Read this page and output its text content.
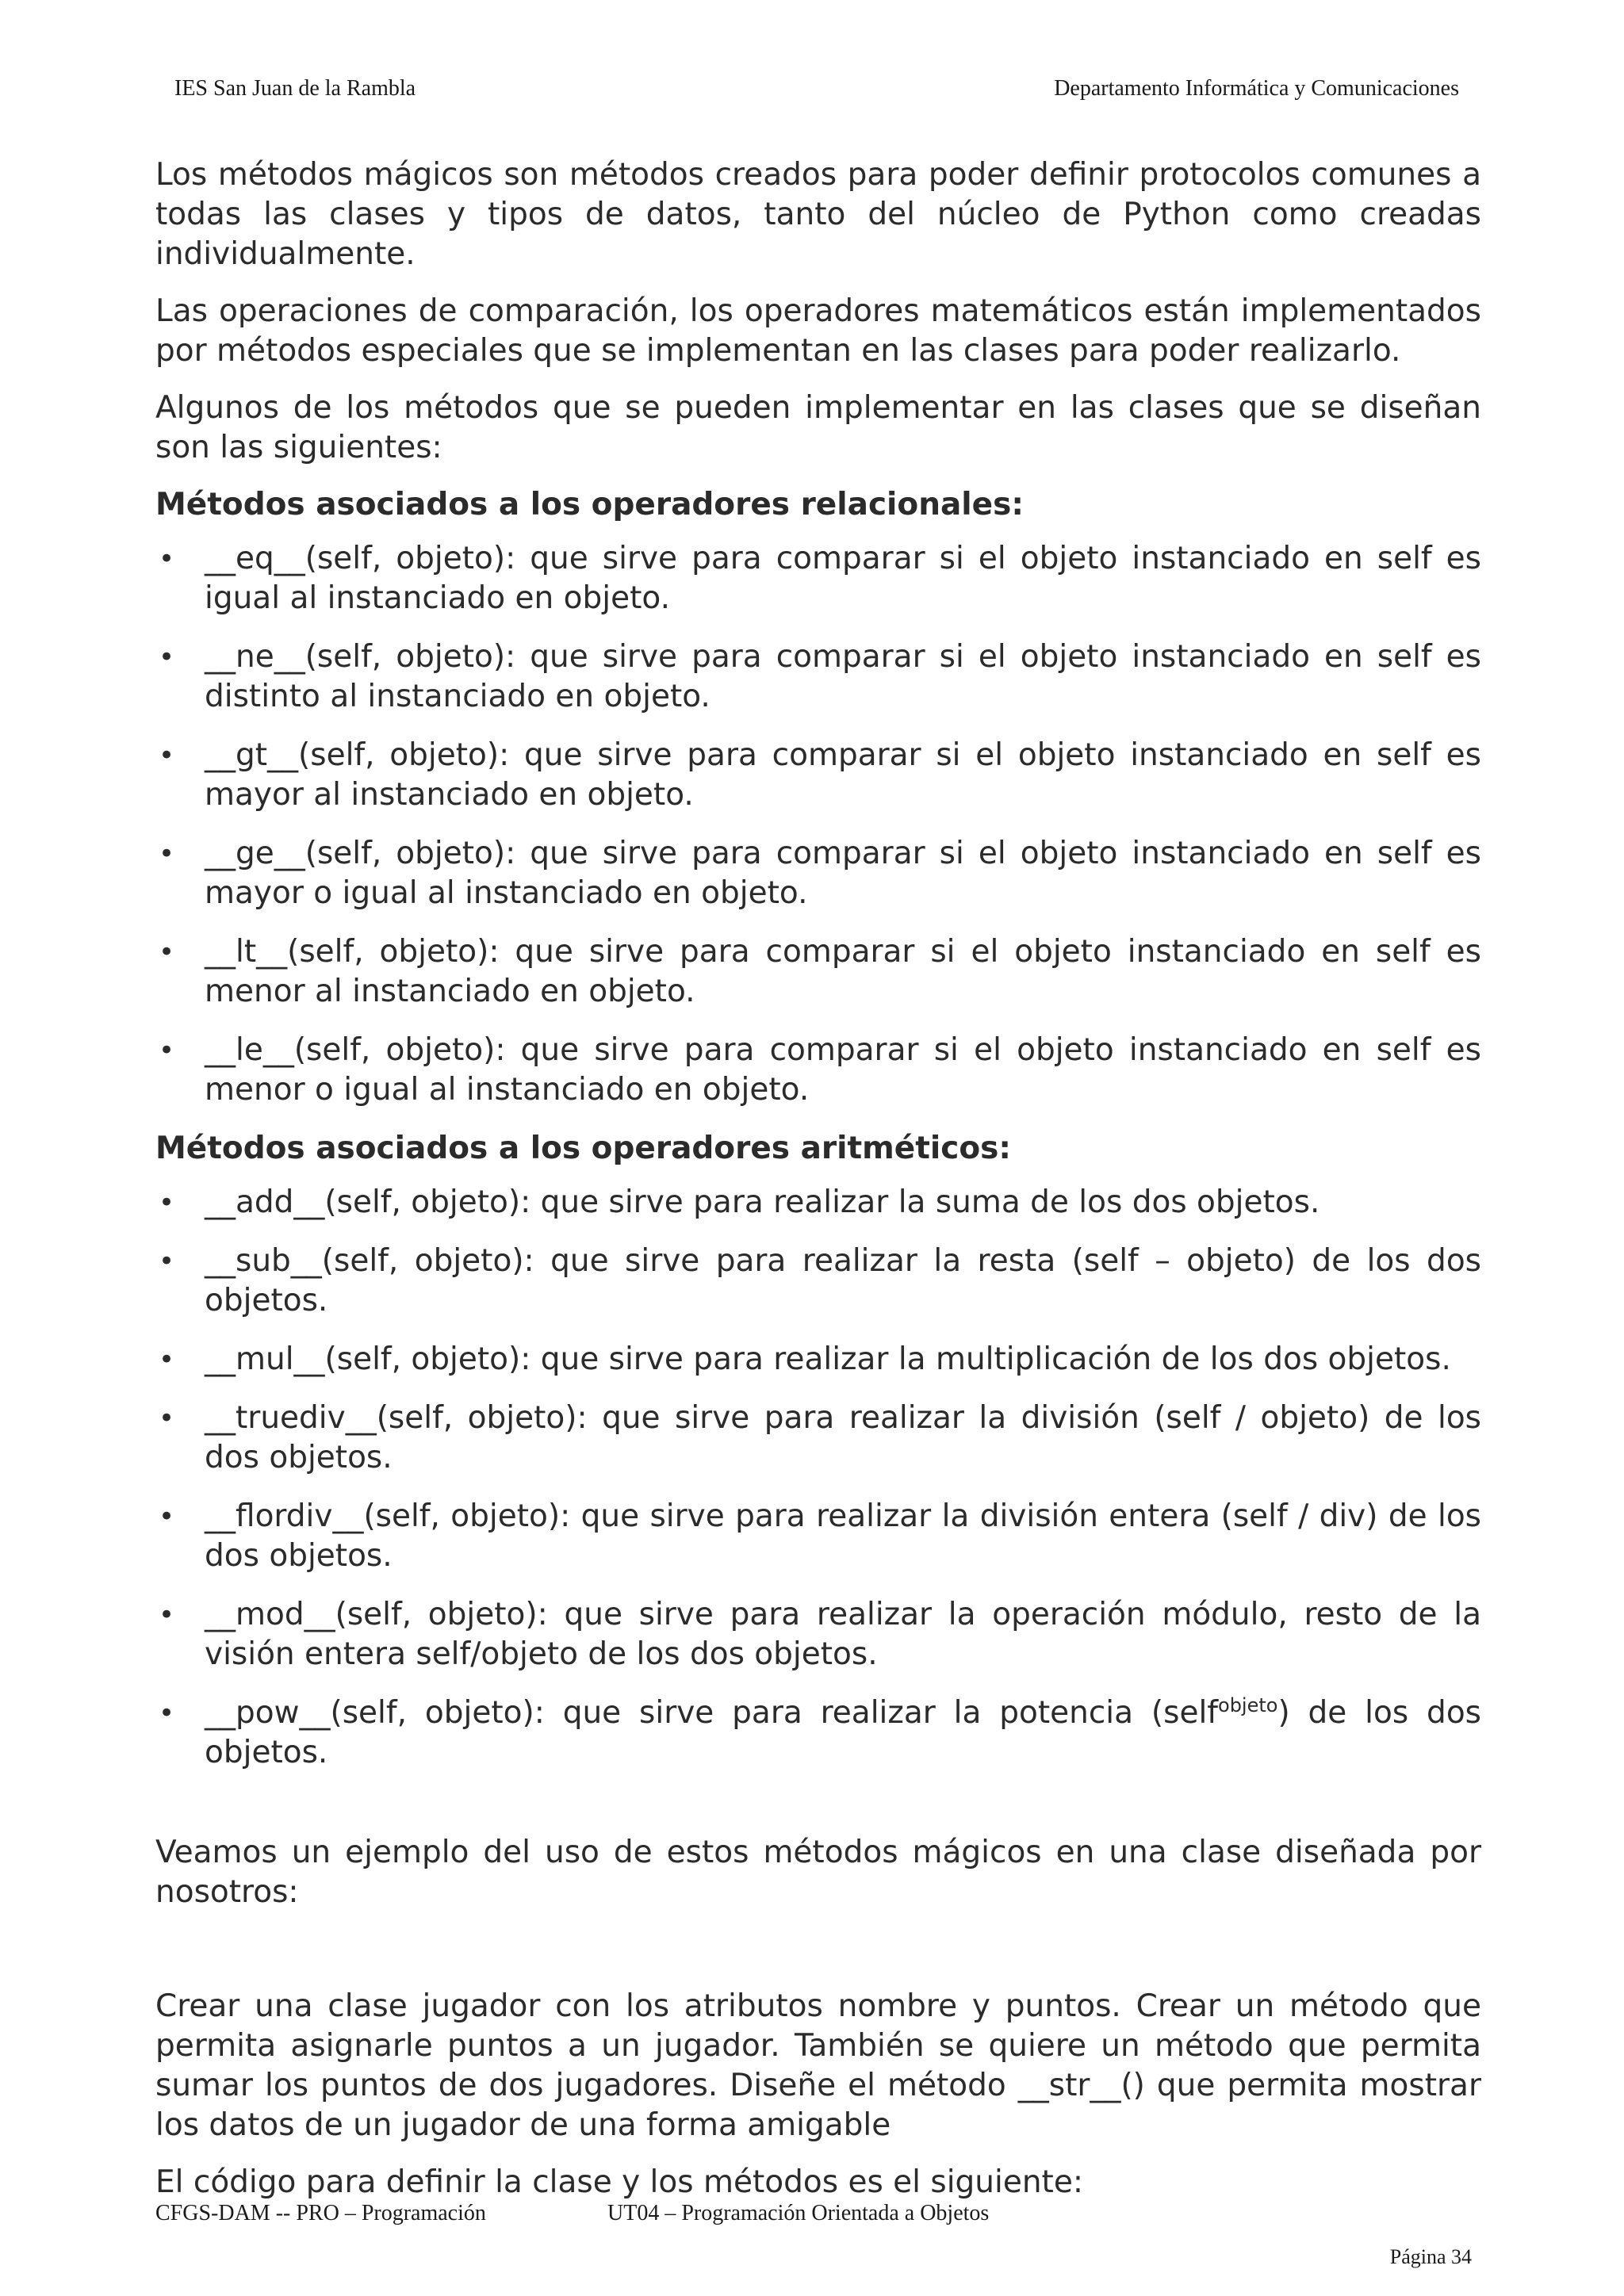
IES San Juan de la Rambla	Departamento Informática y Comunicaciones

Los métodos mágicos son métodos creados para poder definir protocolos comunes a todas las clases y tipos de datos, tanto del núcleo de Python como creadas individualmente.

Las operaciones de comparación, los operadores matemáticos están implementados por métodos especiales que se implementan en las clases para poder realizarlo.

Algunos de los métodos que se pueden implementar en las clases que se diseñan son las siguientes:

Métodos asociados a los operadores relacionales:
• __eq__(self, objeto): que sirve para comparar si el objeto instanciado en self es igual al instanciado en objeto.
• __ne__(self, objeto): que sirve para comparar si el objeto instanciado en self es distinto al instanciado en objeto.
• __gt__(self, objeto): que sirve para comparar si el objeto instanciado en self es mayor al instanciado en objeto.
• __ge__(self, objeto): que sirve para comparar si el objeto instanciado en self es mayor o igual al instanciado en objeto.
• __lt__(self, objeto): que sirve para comparar si el objeto instanciado en self es menor al instanciado en objeto.
• __le__(self, objeto): que sirve para comparar si el objeto instanciado en self es menor o igual al instanciado en objeto.
Métodos asociados a los operadores aritméticos:
• __add__(self, objeto): que sirve para realizar la suma de los dos objetos.
• __sub__(self, objeto): que sirve para realizar la resta (self – objeto) de los dos objetos.
• __mul__(self, objeto): que sirve para realizar la multiplicación de los dos objetos.
• __truediv__(self, objeto): que sirve para realizar la división (self / objeto) de los dos objetos.
• __flordiv__(self, objeto): que sirve para realizar la división entera (self / div) de los dos objetos.
• __mod__(self, objeto): que sirve para realizar la operación módulo, resto de la visión entera self/objeto de los dos objetos.
• __pow__(self, objeto): que sirve para realizar la potencia (self$^{objeto}$) de los dos objetos.

Veamos un ejemplo del uso de estos métodos mágicos en una clase diseñada por nosotros:

Crear una clase jugador con los atributos nombre y puntos. Crear un método que permita asignarle puntos a un jugador. También se quiere un método que permita sumar los puntos de dos jugadores. Diseñe el método __str__() que permita mostrar los datos de un jugador de una forma amigable

El código para definir la clase y los métodos es el siguiente:

CFGS-DAM -- PRO – Programación	UT04 – Programación Orientada a Objetos
Página 34
